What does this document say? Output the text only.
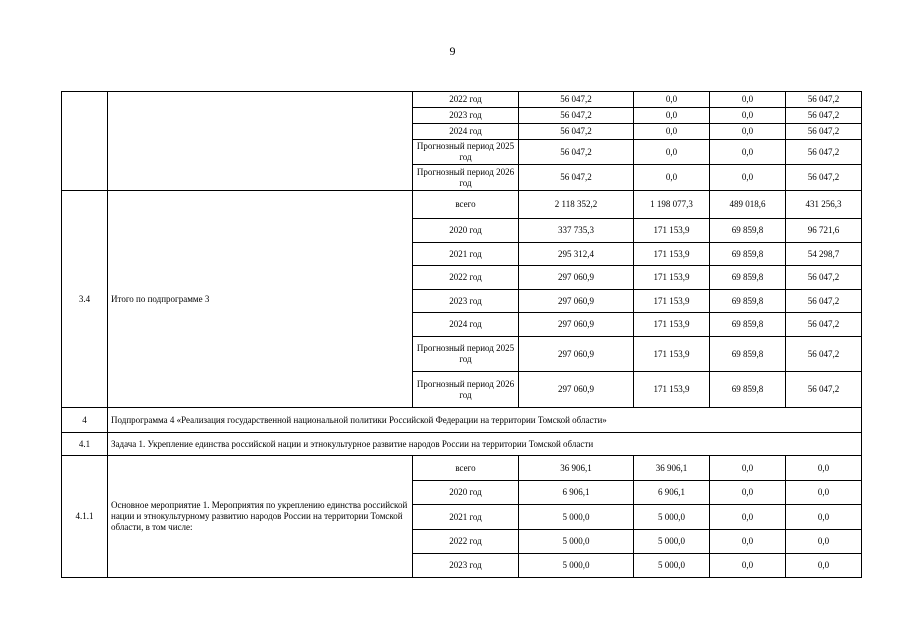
9
		2022 год	56 047,2	0,0	0,0	56 047,2
		2023 год	56 047,2	0,0	0,0	56 047,2
		2024 год	56 047,2	0,0	0,0	56 047,2
		Прогнозный период 2025 год	56 047,2	0,0	0,0	56 047,2
		Прогнозный период 2026 год	56 047,2	0,0	0,0	56 047,2
3.4	Итого по подпрограмме 3	всего	2 118 352,2	1 198 077,3	489 018,6	431 256,3
		2020 год	337 735,3	171 153,9	69 859,8	96 721,6
		2021 год	295 312,4	171 153,9	69 859,8	54 298,7
		2022 год	297 060,9	171 153,9	69 859,8	56 047,2
		2023 год	297 060,9	171 153,9	69 859,8	56 047,2
		2024 год	297 060,9	171 153,9	69 859,8	56 047,2
		Прогнозный период 2025 год	297 060,9	171 153,9	69 859,8	56 047,2
		Прогнозный период 2026 год	297 060,9	171 153,9	69 859,8	56 047,2
4	Подпрограмма 4 «Реализация государственной национальной политики Российской Федерации на территории Томской области»					
4.1	Задача 1. Укрепление единства российской нации и этнокультурное развитие народов России на территории Томской области					
4.1.1	Основное мероприятие 1. Мероприятия по укреплению единства российской нации и этнокультурному развитию народов России на территории Томской области, в том числе:	всего	36 906,1	36 906,1	0,0	0,0
		2020 год	6 906,1	6 906,1	0,0	0,0
		2021 год	5 000,0	5 000,0	0,0	0,0
		2022 год	5 000,0	5 000,0	0,0	0,0
		2023 год	5 000,0	5 000,0	0,0	0,0
